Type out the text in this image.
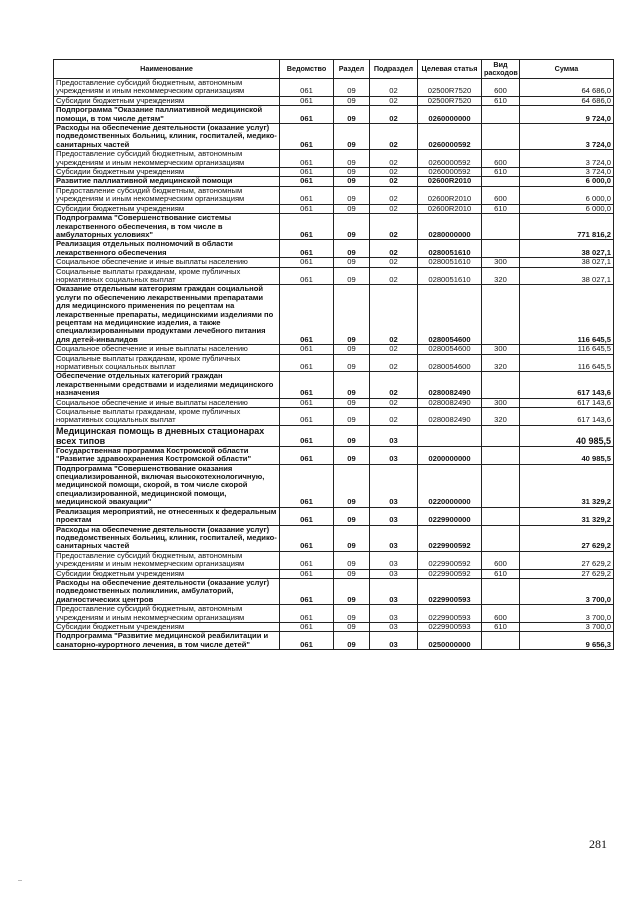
Наименование	Ведомство	Раздел	Подраздел	Целевая статья	Вид расходов	Сумма
Предоставление субсидий бюджетным, автономным учреждениям и иным некоммерческим организациям	061	09	02	02500R7520	600	64 686,0
Субсидии бюджетным учреждениям	061	09	02	02500R7520	610	64 686,0
Подпрограмма "Оказание паллиативной медицинской помощи, в том числе детям"	061	09	02	0260000000		9 724,0
Расходы на обеспечение деятельности (оказание услуг) подведомственных больниц, клиник, госпиталей, медико-санитарных частей	061	09	02	0260000592		3 724,0
Предоставление субсидий бюджетным, автономным учреждениям и иным некоммерческим организациям	061	09	02	0260000592	600	3 724,0
Субсидии бюджетным учреждениям	061	09	02	0260000592	610	3 724,0
Развитие паллиативной медицинской помощи	061	09	02	02600R2010		6 000,0
Предоставление субсидий бюджетным, автономным учреждениям и иным некоммерческим организациям	061	09	02	02600R2010	600	6 000,0
Субсидии бюджетным учреждениям	061	09	02	02600R2010	610	6 000,0
Подпрограмма "Совершенствование системы лекарственного обеспечения, в том числе в амбулаторных условиях"	061	09	02	0280000000		771 816,2
Реализация отдельных полномочий в области лекарственного обеспечения	061	09	02	0280051610		38 027,1
Социальное обеспечение и иные выплаты населению	061	09	02	0280051610	300	38 027,1
Социальные выплаты гражданам, кроме публичных нормативных социальных выплат	061	09	02	0280051610	320	38 027,1
Оказание отдельным категориям граждан социальной услуги по обеспечению лекарственными препаратами для медицинского применения по рецептам на лекарственные препараты, медицинскими изделиями по рецептам на медицинские изделия, а также специализированными продуктами лечебного питания для детей-инвалидов	061	09	02	0280054600		116 645,5
Социальное обеспечение и иные выплаты населению	061	09	02	0280054600	300	116 645,5
Социальные выплаты гражданам, кроме публичных нормативных социальных выплат	061	09	02	0280054600	320	116 645,5
Обеспечение отдельных категорий граждан лекарственными средствами и изделиями медицинского назначения	061	09	02	0280082490		617 143,6
Социальное обеспечение и иные выплаты населению	061	09	02	0280082490	300	617 143,6
Социальные выплаты гражданам, кроме публичных нормативных социальных выплат	061	09	02	0280082490	320	617 143,6
Медицинская помощь в дневных стационарах всех типов	061	09	03			40 985,5
Государственная программа Костромской области "Развитие здравоохранения Костромской области"	061	09	03	0200000000		40 985,5
Подпрограмма "Совершенствование оказания специализированной, включая высокотехнологичную, медицинской помощи, скорой, в том числе скорой специализированной, медицинской помощи, медицинской эвакуации"	061	09	03	0220000000		31 329,2
Реализация мероприятий, не отнесенных к федеральным проектам	061	09	03	0229900000		31 329,2
Расходы на обеспечение деятельности (оказание услуг) подведомственных больниц, клиник, госпиталей, медико-санитарных частей	061	09	03	0229900592		27 629,2
Предоставление субсидий бюджетным, автономным учреждениям и иным некоммерческим организациям	061	09	03	0229900592	600	27 629,2
Субсидии бюджетным учреждениям	061	09	03	0229900592	610	27 629,2
Расходы на обеспечение деятельности (оказание услуг) подведомственных поликлиник, амбулаторий, диагностических центров	061	09	03	0229900593		3 700,0
Предоставление субсидий бюджетным, автономным учреждениям и иным некоммерческим организациям	061	09	03	0229900593	600	3 700,0
Субсидии бюджетным учреждениям	061	09	03	0229900593	610	3 700,0
Подпрограмма "Развитие медицинской реабилитации и санаторно-курортного лечения, в том числе детей"	061	09	03	0250000000		9 656,3
281
